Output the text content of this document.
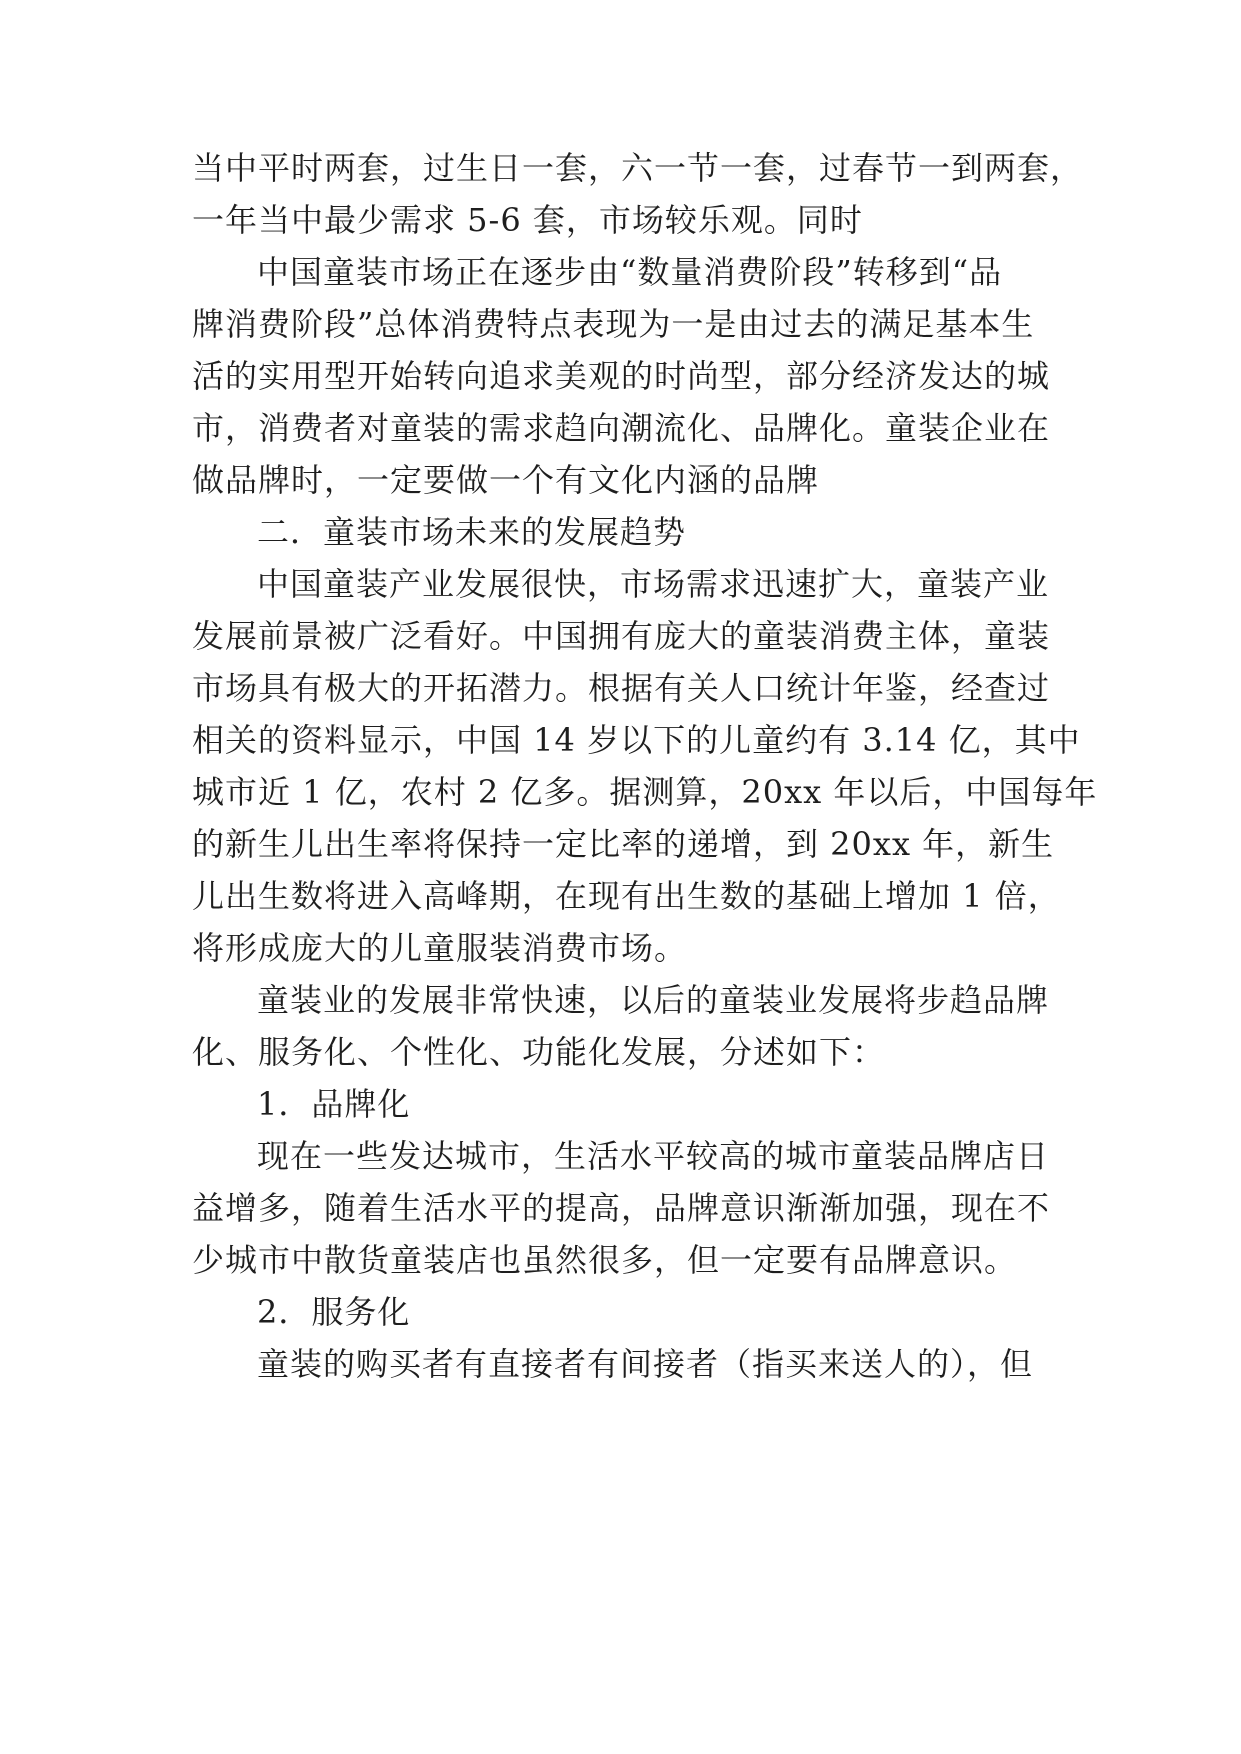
当中平时两套，过生日一套，六一节一套，过春节一到两套，
一年当中最少需求 5-6 套，市场较乐观。同时
中国童装市场正在逐步由“数量消费阶段”转移到“品
牌消费阶段”总体消费特点表现为一是由过去的满足基本生
活的实用型开始转向追求美观的时尚型，部分经济发达的城
市，消费者对童装的需求趋向潮流化、品牌化。童装企业在
做品牌时，一定要做一个有文化内涵的品牌
二．童装市场未来的发展趋势
中国童装产业发展很快，市场需求迅速扩大，童装产业
发展前景被广泛看好。中国拥有庞大的童装消费主体，童装
市场具有极大的开拓潜力。根据有关人口统计年鉴，经查过
相关的资料显示，中国 14 岁以下的儿童约有 3.14 亿，其中
城市近 1 亿，农村 2 亿多。据测算，20xx 年以后，中国每年
的新生儿出生率将保持一定比率的递增，到 20xx 年，新生
儿出生数将进入高峰期，在现有出生数的基础上增加 1 倍，
将形成庞大的儿童服装消费市场。
童装业的发展非常快速，以后的童装业发展将步趋品牌
化、服务化、个性化、功能化发展，分述如下：
1．品牌化
现在一些发达城市，生活水平较高的城市童装品牌店日
益增多，随着生活水平的提高，品牌意识渐渐加强，现在不
少城市中散货童装店也虽然很多，但一定要有品牌意识。
2．服务化
童装的购买者有直接者有间接者（指买来送人的），但
